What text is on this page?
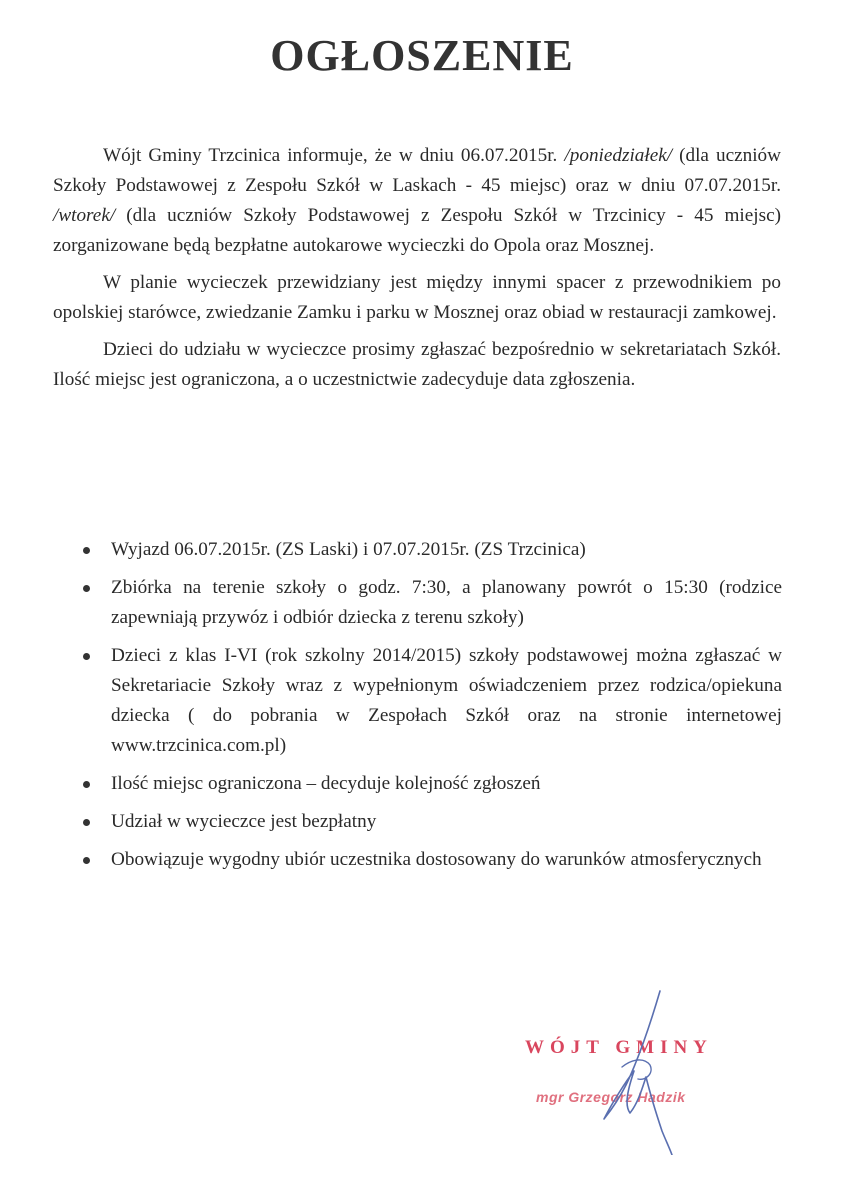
OGŁOSZENIE

Wójt Gminy Trzcinica informuje, że w dniu 06.07.2015r. /poniedziałek/ (dla uczniów Szkoły Podstawowej z Zespołu Szkół w Laskach - 45 miejsc) oraz w dniu 07.07.2015r. /wtorek/ (dla uczniów Szkoły Podstawowej z Zespołu Szkół w Trzcinicy - 45 miejsc) zorganizowane będą bezpłatne autokarowe wycieczki do Opola oraz Mosznej.

W planie wycieczek przewidziany jest między innymi spacer z przewodnikiem po opolskiej starówce, zwiedzanie Zamku i parku w Mosznej oraz obiad w restauracji zamkowej.

Dzieci do udziału w wycieczce prosimy zgłaszać bezpośrednio w sekretariatach Szkół. Ilość miejsc jest ograniczona, a o uczestnictwie zadecyduje data zgłoszenia.

Wyjazd 06.07.2015r. (ZS Laski) i 07.07.2015r. (ZS Trzcinica)
Zbiórka na terenie szkoły o godz. 7:30, a planowany powrót o 15:30 (rodzice zapewniają przywóz i odbiór dziecka z terenu szkoły)
Dzieci z klas I-VI (rok szkolny 2014/2015) szkoły podstawowej można zgłaszać w Sekretariacie Szkoły wraz z wypełnionym oświadczeniem przez rodzica/opiekuna dziecka ( do pobrania w Zespołach Szkół oraz na stronie internetowej www.trzcinica.com.pl)
Ilość miejsc ograniczona – decyduje kolejność zgłoszeń
Udział w wycieczce jest bezpłatny
Obowiązuje wygodny ubiór uczestnika dostosowany do warunków atmosferycznych
WÓJT GMINY
mgr Grzegorz Hadzik
